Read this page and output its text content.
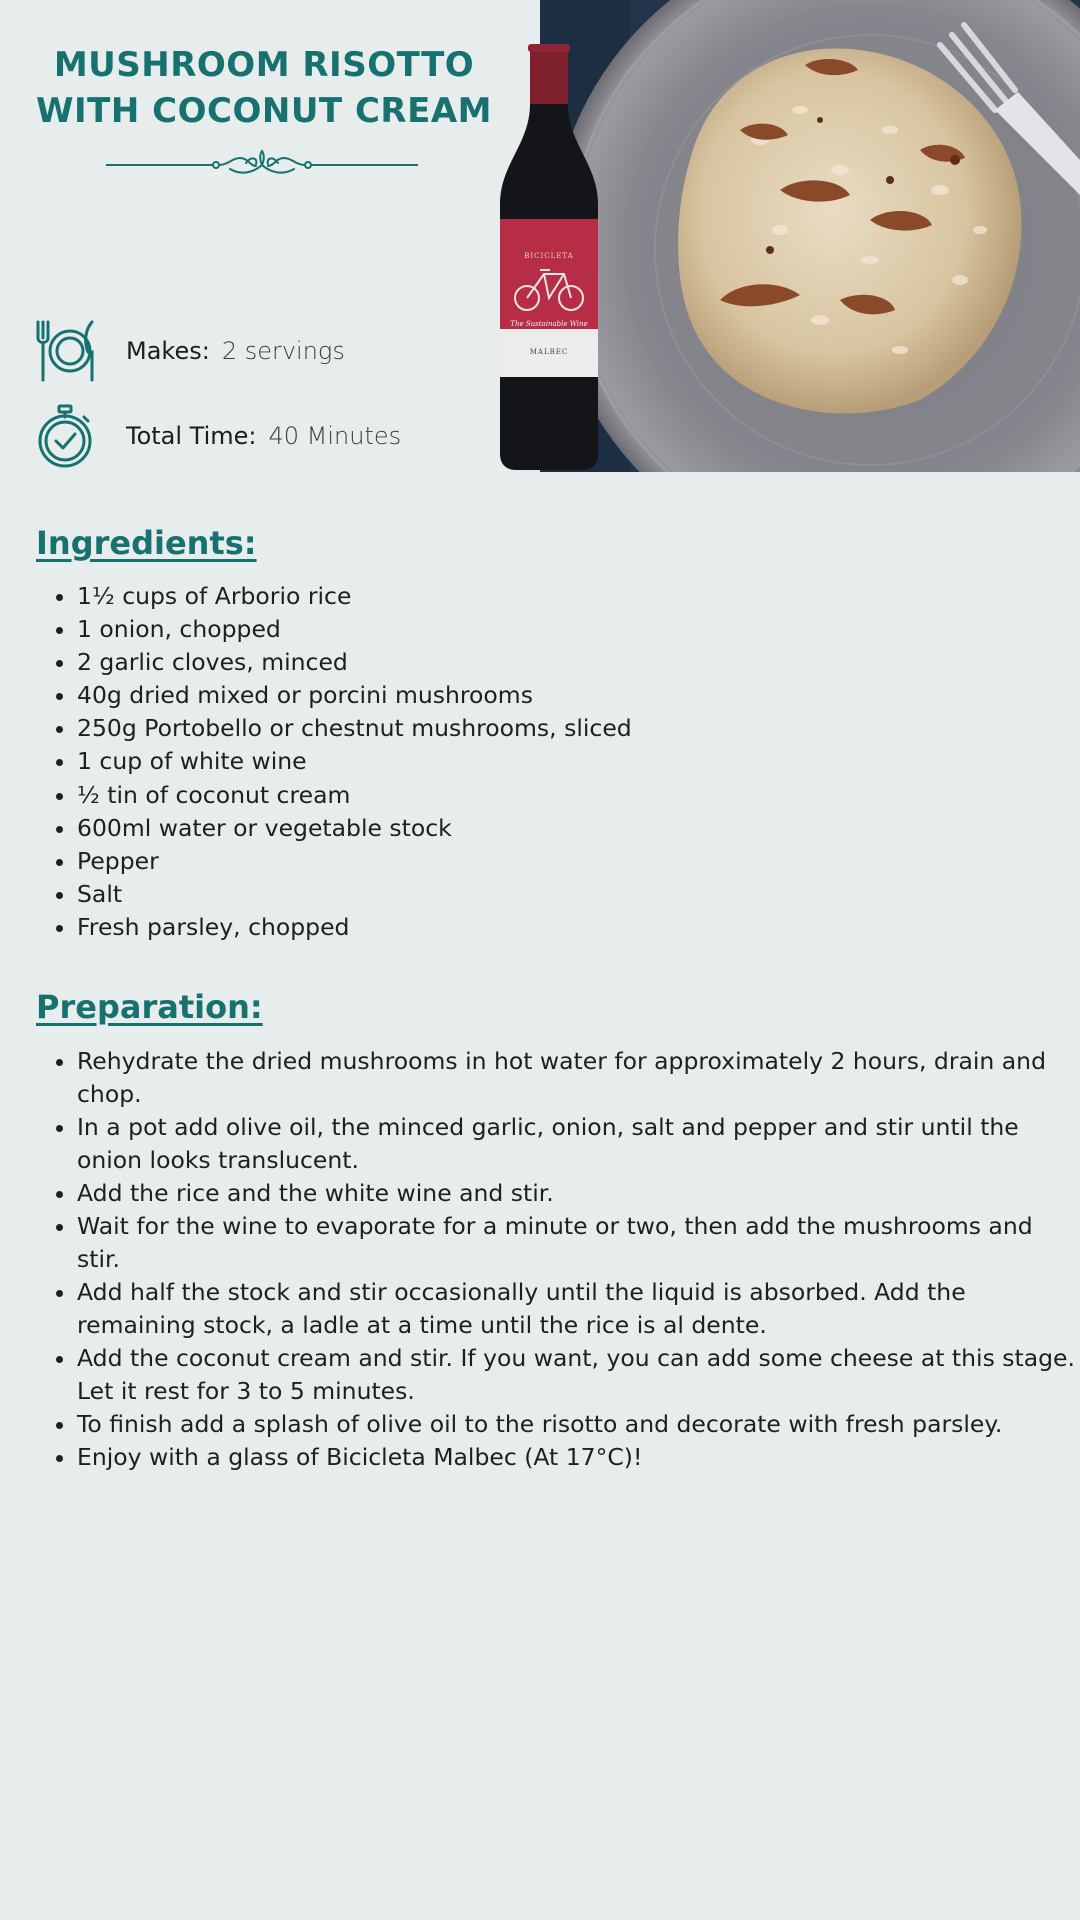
BICICLETA
The Sustainable Wine
MALBEC
MUSHROOM RISOTTO
WITH COCONUT CREAM
Makes: 2 servings
Total Time: 40 Minutes
Ingredients:
• 1½ cups of Arborio rice
• 1 onion, chopped
• 2 garlic cloves, minced
• 40g dried mixed or porcini mushrooms
• 250g Portobello or chestnut mushrooms, sliced
• 1 cup of white wine
• ½ tin of coconut cream
• 600ml water or vegetable stock
• Pepper
• Salt
• Fresh parsley, chopped
Preparation:
• Rehydrate the dried mushrooms in hot water for approximately 2 hours, drain and chop.
• In a pot add olive oil, the minced garlic, onion, salt and pepper and stir until the onion looks translucent.
• Add the rice and the white wine and stir.
• Wait for the wine to evaporate for a minute or two, then add the mushrooms and stir.
• Add half the stock and stir occasionally until the liquid is absorbed. Add the remaining stock, a ladle at a time until the rice is al dente.
• Add the coconut cream and stir. If you want, you can add some cheese at this stage. Let it rest for 3 to 5 minutes.
• To finish add a splash of olive oil to the risotto and decorate with fresh parsley.
• Enjoy with a glass of Bicicleta Malbec (At 17°C)!
